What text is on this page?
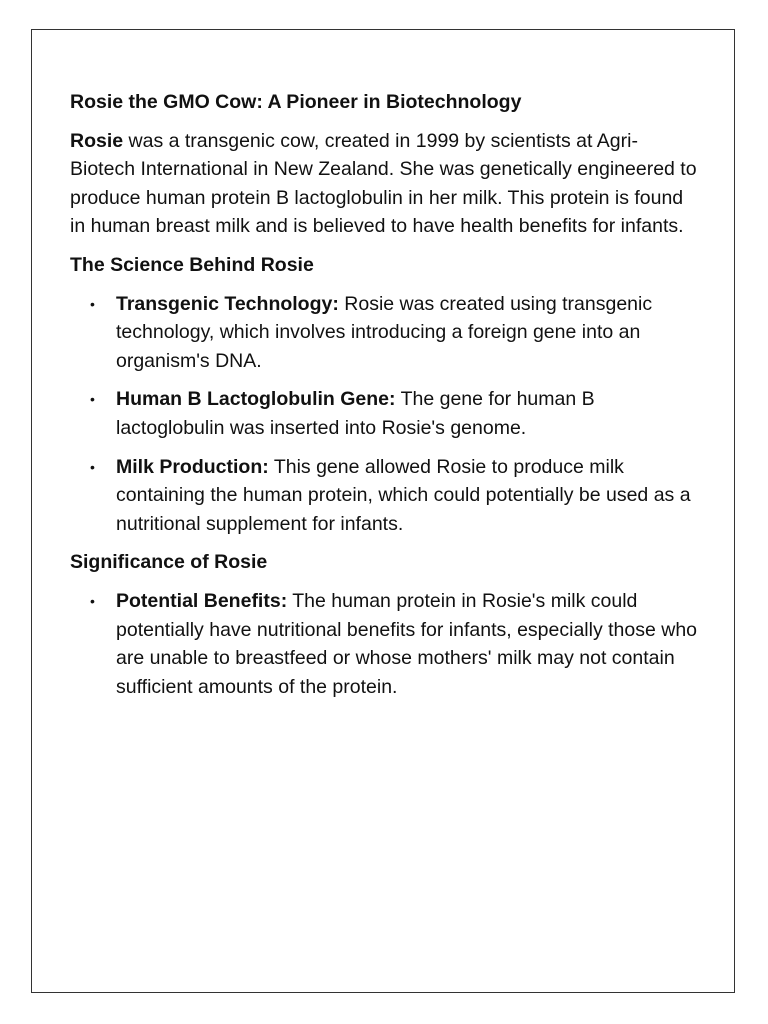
Rosie the GMO Cow: A Pioneer in Biotechnology

Rosie was a transgenic cow, created in 1999 by scientists at Agri-Biotech International in New Zealand. She was genetically engineered to produce human protein B lactoglobulin in her milk. This protein is found in human breast milk and is believed to have health benefits for infants.

The Science Behind Rosie
• Transgenic Technology: Rosie was created using transgenic technology, which involves introducing a foreign gene into an organism's DNA.
• Human B Lactoglobulin Gene: The gene for human B lactoglobulin was inserted into Rosie's genome.
• Milk Production: This gene allowed Rosie to produce milk containing the human protein, which could potentially be used as a nutritional supplement for infants.
Significance of Rosie
• Potential Benefits: The human protein in Rosie's milk could potentially have nutritional benefits for infants, especially those who are unable to breastfeed or whose mothers' milk may not contain sufficient amounts of the protein.
